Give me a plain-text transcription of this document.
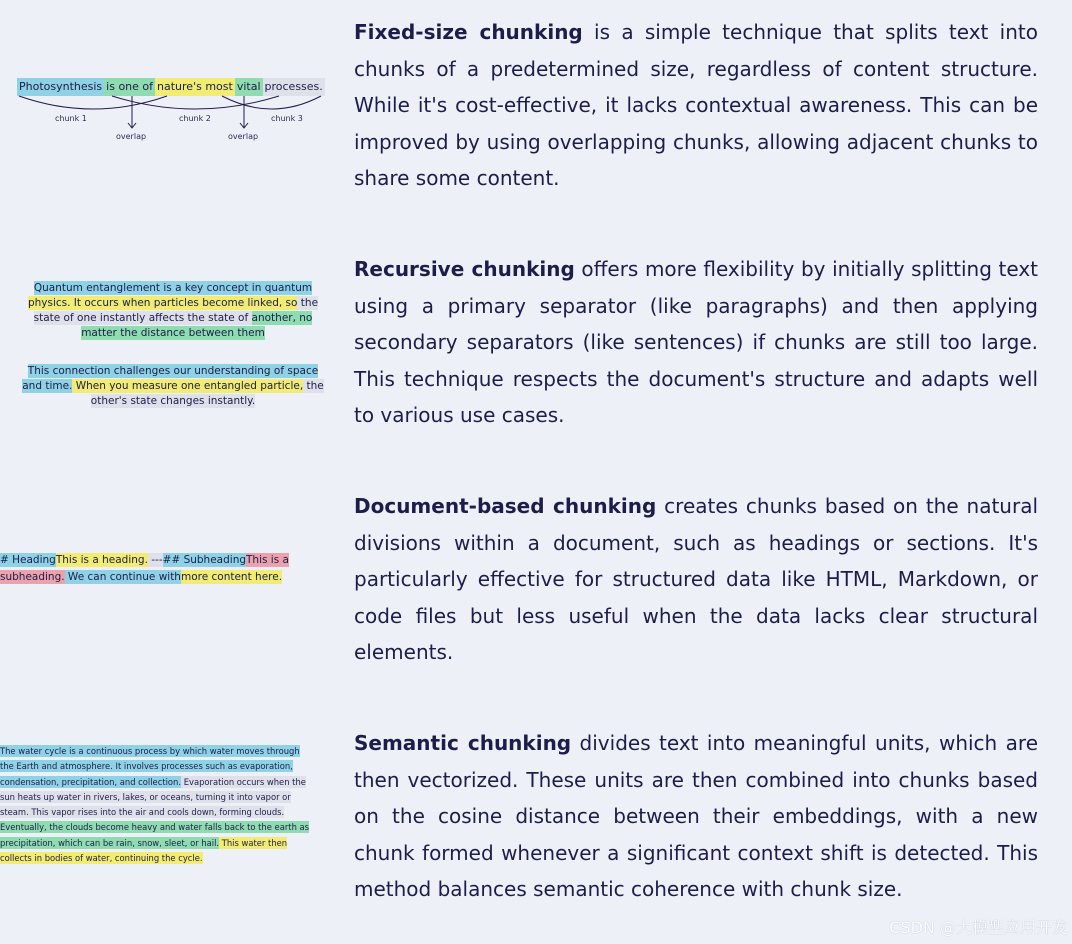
Photosynthesis is one of nature's most vital processes.
chunk 1	chunk 2	chunk 3
overlap	overlap

Fixed-size chunking is a simple technique that splits text into chunks of a predetermined size, regardless of content structure. While it's cost-effective, it lacks contextual awareness. This can be improved by using overlapping chunks, allowing adjacent chunks to share some content.

Quantum entanglement is a key concept in quantum physics. It occurs when particles become linked, so the state of one instantly affects the state of another, no matter the distance between them
This connection challenges our understanding of space and time. When you measure one entangled particle, the other's state changes instantly.

Recursive chunking offers more flexibility by initially splitting text using a primary separator (like paragraphs) and then applying secondary separators (like sentences) if chunks are still too large. This technique respects the document's structure and adapts well to various use cases.

# HeadingThis is a heading. ---## SubheadingThis is a subheading. We can continue withmore content here.

Document-based chunking creates chunks based on the natural divisions within a document, such as headings or sections. It's particularly effective for structured data like HTML, Markdown, or code files but less useful when the data lacks clear structural elements.

The water cycle is a continuous process by which water moves through the Earth and atmosphere. It involves processes such as evaporation, condensation, precipitation, and collection. Evaporation occurs when the sun heats up water in rivers, lakes, or oceans, turning it into vapor or steam. This vapor rises into the air and cools down, forming clouds. Eventually, the clouds become heavy and water falls back to the earth as precipitation, which can be rain, snow, sleet, or hail. This water then collects in bodies of water, continuing the cycle.

Semantic chunking divides text into meaningful units, which are then vectorized. These units are then combined into chunks based on the cosine distance between their embeddings, with a new chunk formed whenever a significant context shift is detected. This method balances semantic coherence with chunk size.

CSDN @大模型应用开发
